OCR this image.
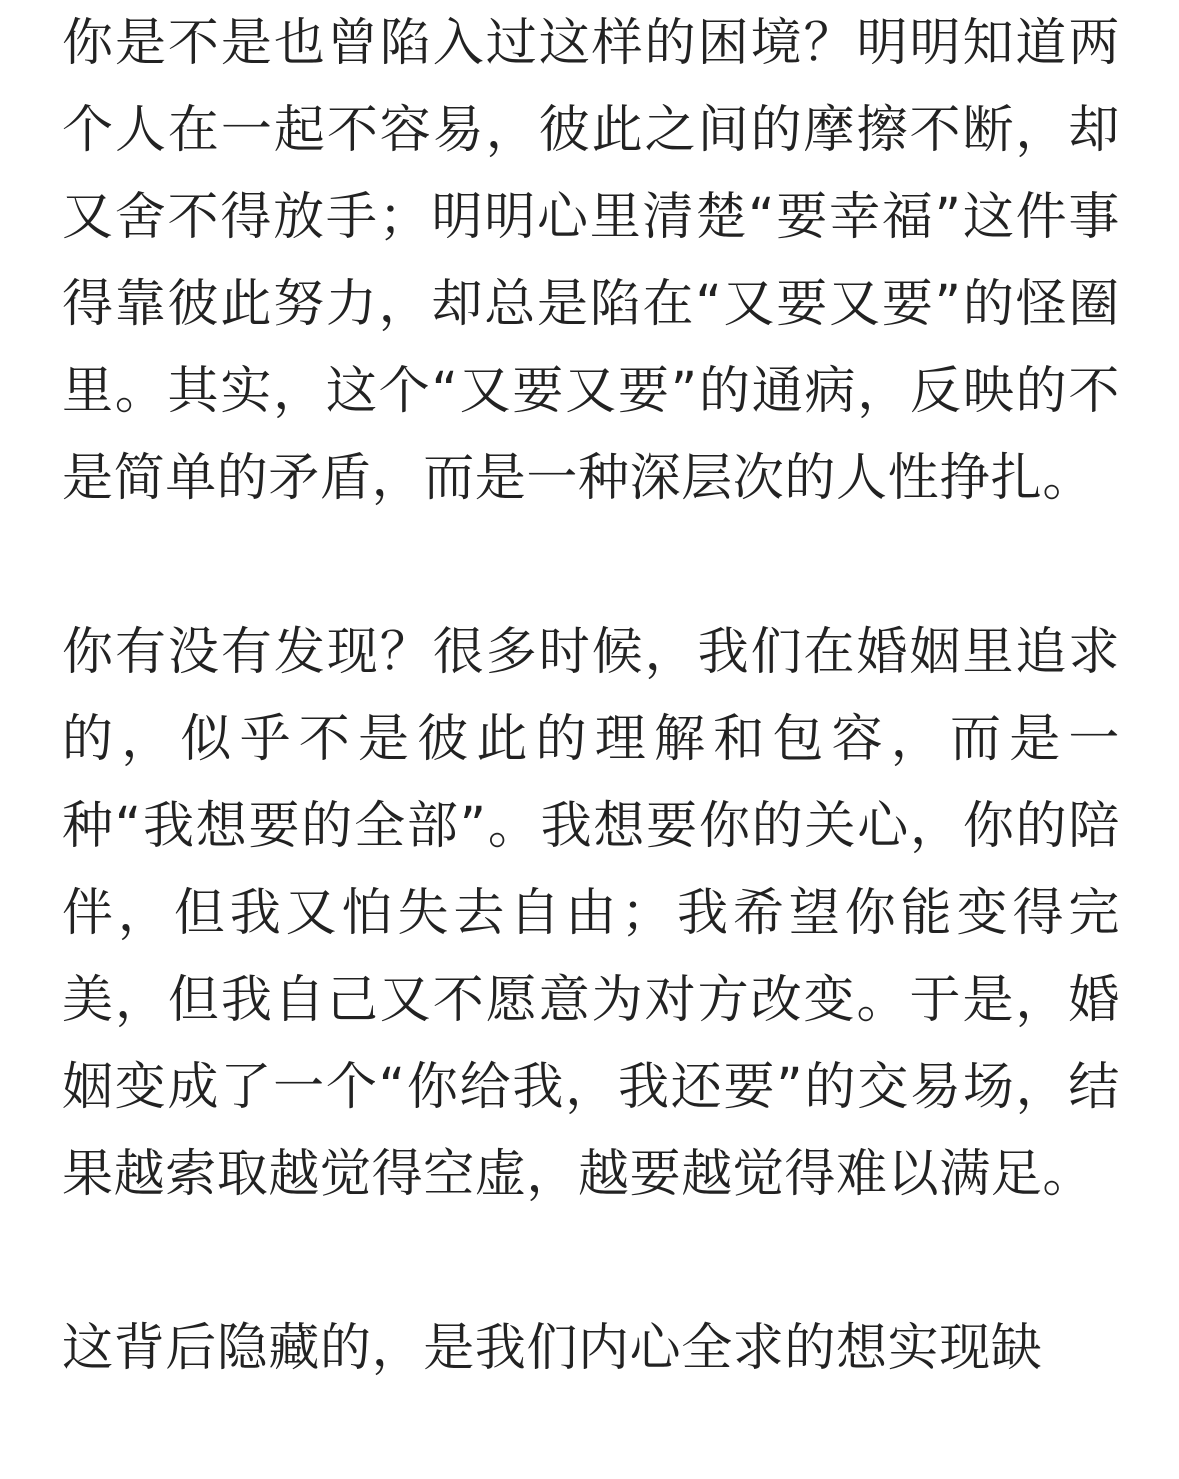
你是不是也曾陷入过这样的困境？明明知道两个人在一起不容易，彼此之间的摩擦不断，却又舍不得放手；明明心里清楚“要幸福”这件事得靠彼此努力，却总是陷在“又要又要”的怪圈里。其实，这个“又要又要”的通病，反映的不是简单的矛盾，而是一种深层次的人性挣扎。

你有没有发现？很多时候，我们在婚姻里追求的，似乎不是彼此的理解和包容，而是一种“我想要的全部”。我想要你的关心，你的陪伴，但我又怕失去自由；我希望你能变得完美，但我自己又不愿意为对方改变。于是，婚姻变成了一个“你给我，我还要”的交易场，结果越索取越觉得空虚，越要越觉得难以满足。

这背后隐藏的，是我们内心全求的想实现缺
